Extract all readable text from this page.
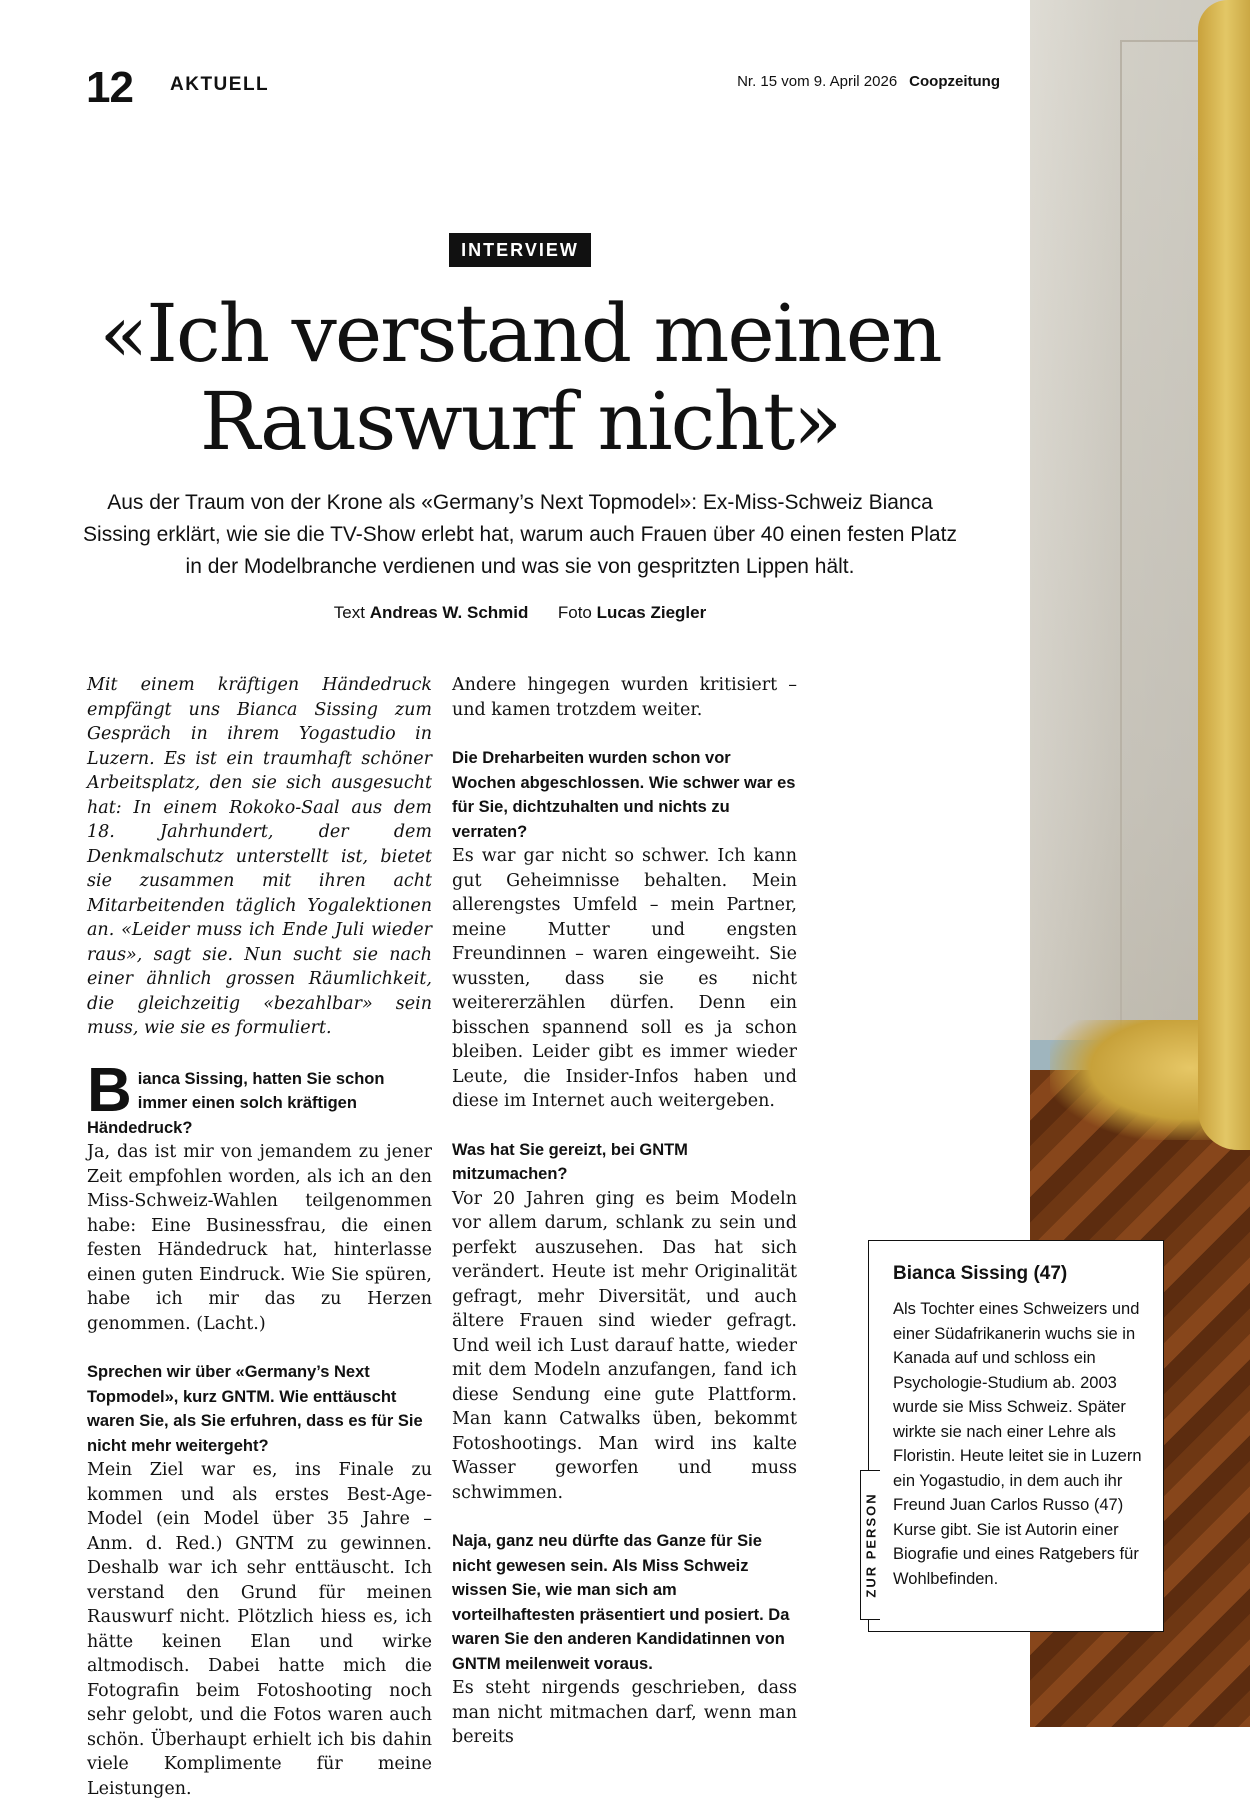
12 AKTUELL	Nr. 15 vom 9. April 2026 Coopzeitung
INTERVIEW
«Ich verstand meinen Rauswurf nicht»

Aus der Traum von der Krone als «Germany’s Next Topmodel»: Ex-Miss-Schweiz Bianca Sissing erklärt, wie sie die TV-Show erlebt hat, warum auch Frauen über 40 einen festen Platz in der Modelbranche verdienen und was sie von gespritzten Lippen hält.

Text Andreas W. Schmid Foto Lucas Ziegler

Mit einem kräftigen Händedruck empfängt uns Bianca Sissing zum Gespräch in ihrem Yogastudio in Luzern. Es ist ein traumhaft schöner Arbeitsplatz, den sie sich ausgesucht hat: In einem Rokoko-Saal aus dem 18. Jahrhundert, der dem Denkmalschutz unterstellt ist, bietet sie zusammen mit ihren acht Mitarbeitenden täglich Yogalektionen an. «Leider muss ich Ende Juli wieder raus», sagt sie. Nun sucht sie nach einer ähnlich grossen Räumlichkeit, die gleichzeitig «bezahlbar» sein muss, wie sie es formuliert.

Bianca Sissing, hatten Sie schon immer einen solch kräftigen Händedruck?

Ja, das ist mir von jemandem zu jener Zeit empfohlen worden, als ich an den Miss-Schweiz-Wahlen teilgenommen habe: Eine Businessfrau, die einen festen Händedruck hat, hinterlasse einen guten Eindruck. Wie Sie spüren, habe ich mir das zu Herzen genommen. (Lacht.)

Sprechen wir über «Germany’s Next Topmodel», kurz GNTM. Wie enttäuscht waren Sie, als Sie erfuhren, dass es für Sie nicht mehr weitergeht?

Mein Ziel war es, ins Finale zu kommen und als erstes Best-Age-Model (ein Model über 35 Jahre – Anm. d. Red.) GNTM zu gewinnen. Deshalb war ich sehr enttäuscht. Ich verstand den Grund für meinen Rauswurf nicht. Plötzlich hiess es, ich hätte keinen Elan und wirke altmodisch. Dabei hatte mich die Fotografin beim Fotoshooting noch sehr gelobt, und die Fotos waren auch schön. Überhaupt erhielt ich bis dahin viele Komplimente für meine Leistungen.

Andere hingegen wurden kritisiert – und kamen trotzdem weiter.

Die Dreharbeiten wurden schon vor Wochen abgeschlossen. Wie schwer war es für Sie, dichtzuhalten und nichts zu verraten?

Es war gar nicht so schwer. Ich kann gut Geheimnisse behalten. Mein allerengstes Umfeld – mein Partner, meine Mutter und engsten Freundinnen – waren eingeweiht. Sie wussten, dass sie es nicht weitererzählen dürfen. Denn ein bisschen spannend soll es ja schon bleiben. Leider gibt es immer wieder Leute, die Insider-Infos haben und diese im Internet auch weitergeben.

Was hat Sie gereizt, bei GNTM mitzumachen?

Vor 20 Jahren ging es beim Modeln vor allem darum, schlank zu sein und perfekt auszusehen. Das hat sich verändert. Heute ist mehr Originalität gefragt, mehr Diversität, und auch ältere Frauen sind wieder gefragt. Und weil ich Lust darauf hatte, wieder mit dem Modeln anzufangen, fand ich diese Sendung eine gute Plattform. Man kann Catwalks üben, bekommt Fotoshootings. Man wird ins kalte Wasser geworfen und muss schwimmen.

Naja, ganz neu dürfte das Ganze für Sie nicht gewesen sein. Als Miss Schweiz wissen Sie, wie man sich am vorteilhaftesten präsentiert und posiert. Da waren Sie den anderen Kandidatinnen von GNTM meilenweit voraus.

Es steht nirgends geschrieben, dass man nicht mitmachen darf, wenn man bereits

Bianca Sissing (47)

Als Tochter eines Schweizers und einer Südafrikanerin wuchs sie in Kanada auf und schloss ein Psychologie-Studium ab. 2003 wurde sie Miss Schweiz. Später wirkte sie nach einer Lehre als Floristin. Heute leitet sie in Luzern ein Yogastudio, in dem auch ihr Freund Juan Carlos Russo (47) Kurse gibt. Sie ist Autorin einer Biografie und eines Ratgebers für Wohlbefinden.

ZUR PERSON
